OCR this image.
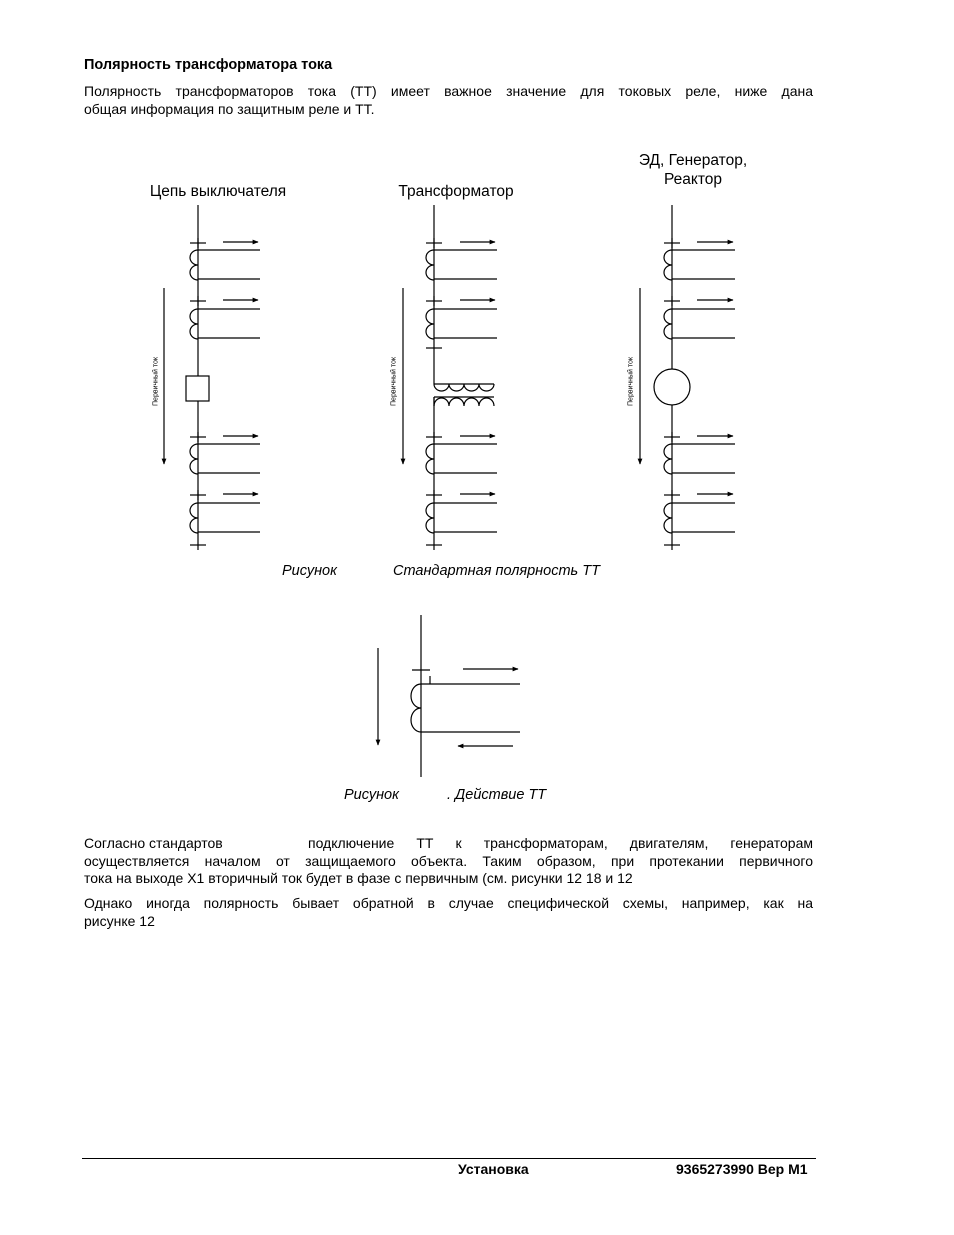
Полярность трансформатора тока
Полярность трансформаторов тока (ТТ) имеет важное значение для токовых реле, ниже дана
общая информация по защитным реле и ТТ.
Цепь выключателя	Трансформатор
ЭД, Генератор,
Реактор
Первичный ток	Первичный ток	Первичный ток
Рисунок	Стандартная полярность ТТ
Рисунок	. Действие ТТ
Согласно стандартов	подключение ТТ к трансформаторам, двигателям, генераторам
осуществляется началом от защищаемого объекта. Таким образом, при протекании первичного
тока на выходе X1 вторичный ток будет в фазе с первичным (см. рисунки 12 18 и 12
Однако иногда полярность бывает обратной в случае специфической схемы, например, как на
рисунке 12
Установка	9365273990 Вер М1
